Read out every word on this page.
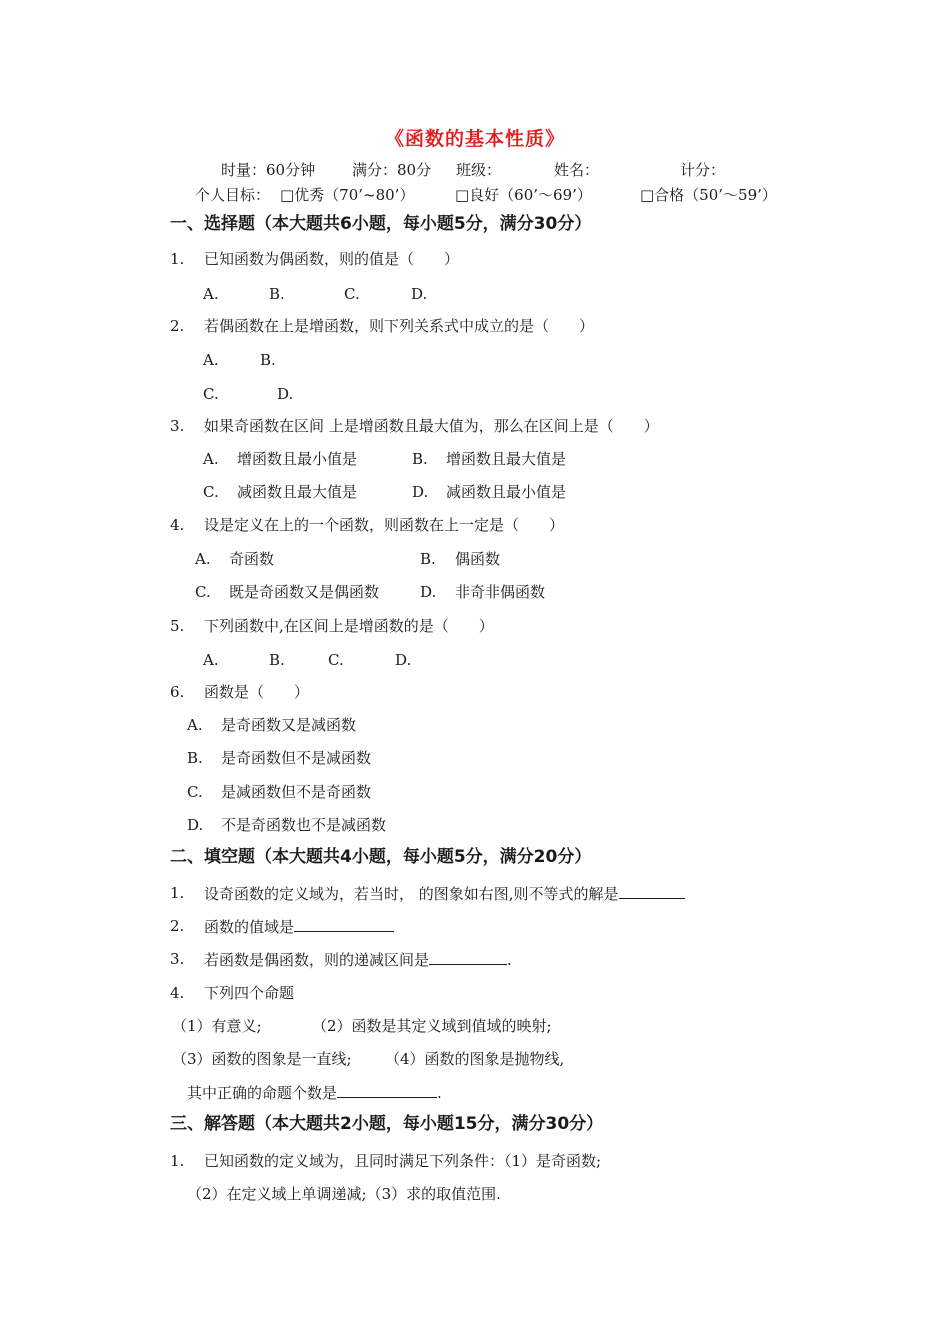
《函数的基本性质》
时量：60分钟 满分：80分 班级：	姓名：	计分：
个人目标： □优秀（70’~80’）	□良好（60’～69’）	□合格（50’～59’）
一、选择题（本大题共6小题，每小题5分，满分30分）
1. 已知函数为偶函数，则的值是（　　）
A.	B.	C.	D.
2. 若偶函数在上是增函数，则下列关系式中成立的是（　　）
A.	B.
C.	D.
3. 如果奇函数在区间 上是增函数且最大值为，那么在区间上是（　　）
A. 增函数且最小值是	B. 增函数且最大值是
C. 减函数且最大值是	D. 减函数且最小值是
4. 设是定义在上的一个函数，则函数在上一定是（　　）
A. 奇函数	B. 偶函数
C. 既是奇函数又是偶函数	D. 非奇非偶函数
5. 下列函数中,在区间上是增函数的是（　　）
A.	B.	C.	D.
6. 函数是（　　）
A. 是奇函数又是减函数
B. 是奇函数但不是减函数
C. 是减函数但不是奇函数
D. 不是奇函数也不是减函数
二、填空题（本大题共4小题，每小题5分，满分20分）
1. 设奇函数的定义域为，若当时， 的图象如右图,则不等式的解是
2. 函数的值域是
3. 若函数是偶函数，则的递减区间是	.
4. 下列四个命题
（1）有意义;	（2）函数是其定义域到值域的映射;
（3）函数的图象是一直线; （4）函数的图象是抛物线,
其中正确的命题个数是	.
三、解答题（本大题共2小题，每小题15分，满分30分）
1. 已知函数的定义域为，且同时满足下列条件：（1）是奇函数;
（2）在定义域上单调递减;（3）求的取值范围.
